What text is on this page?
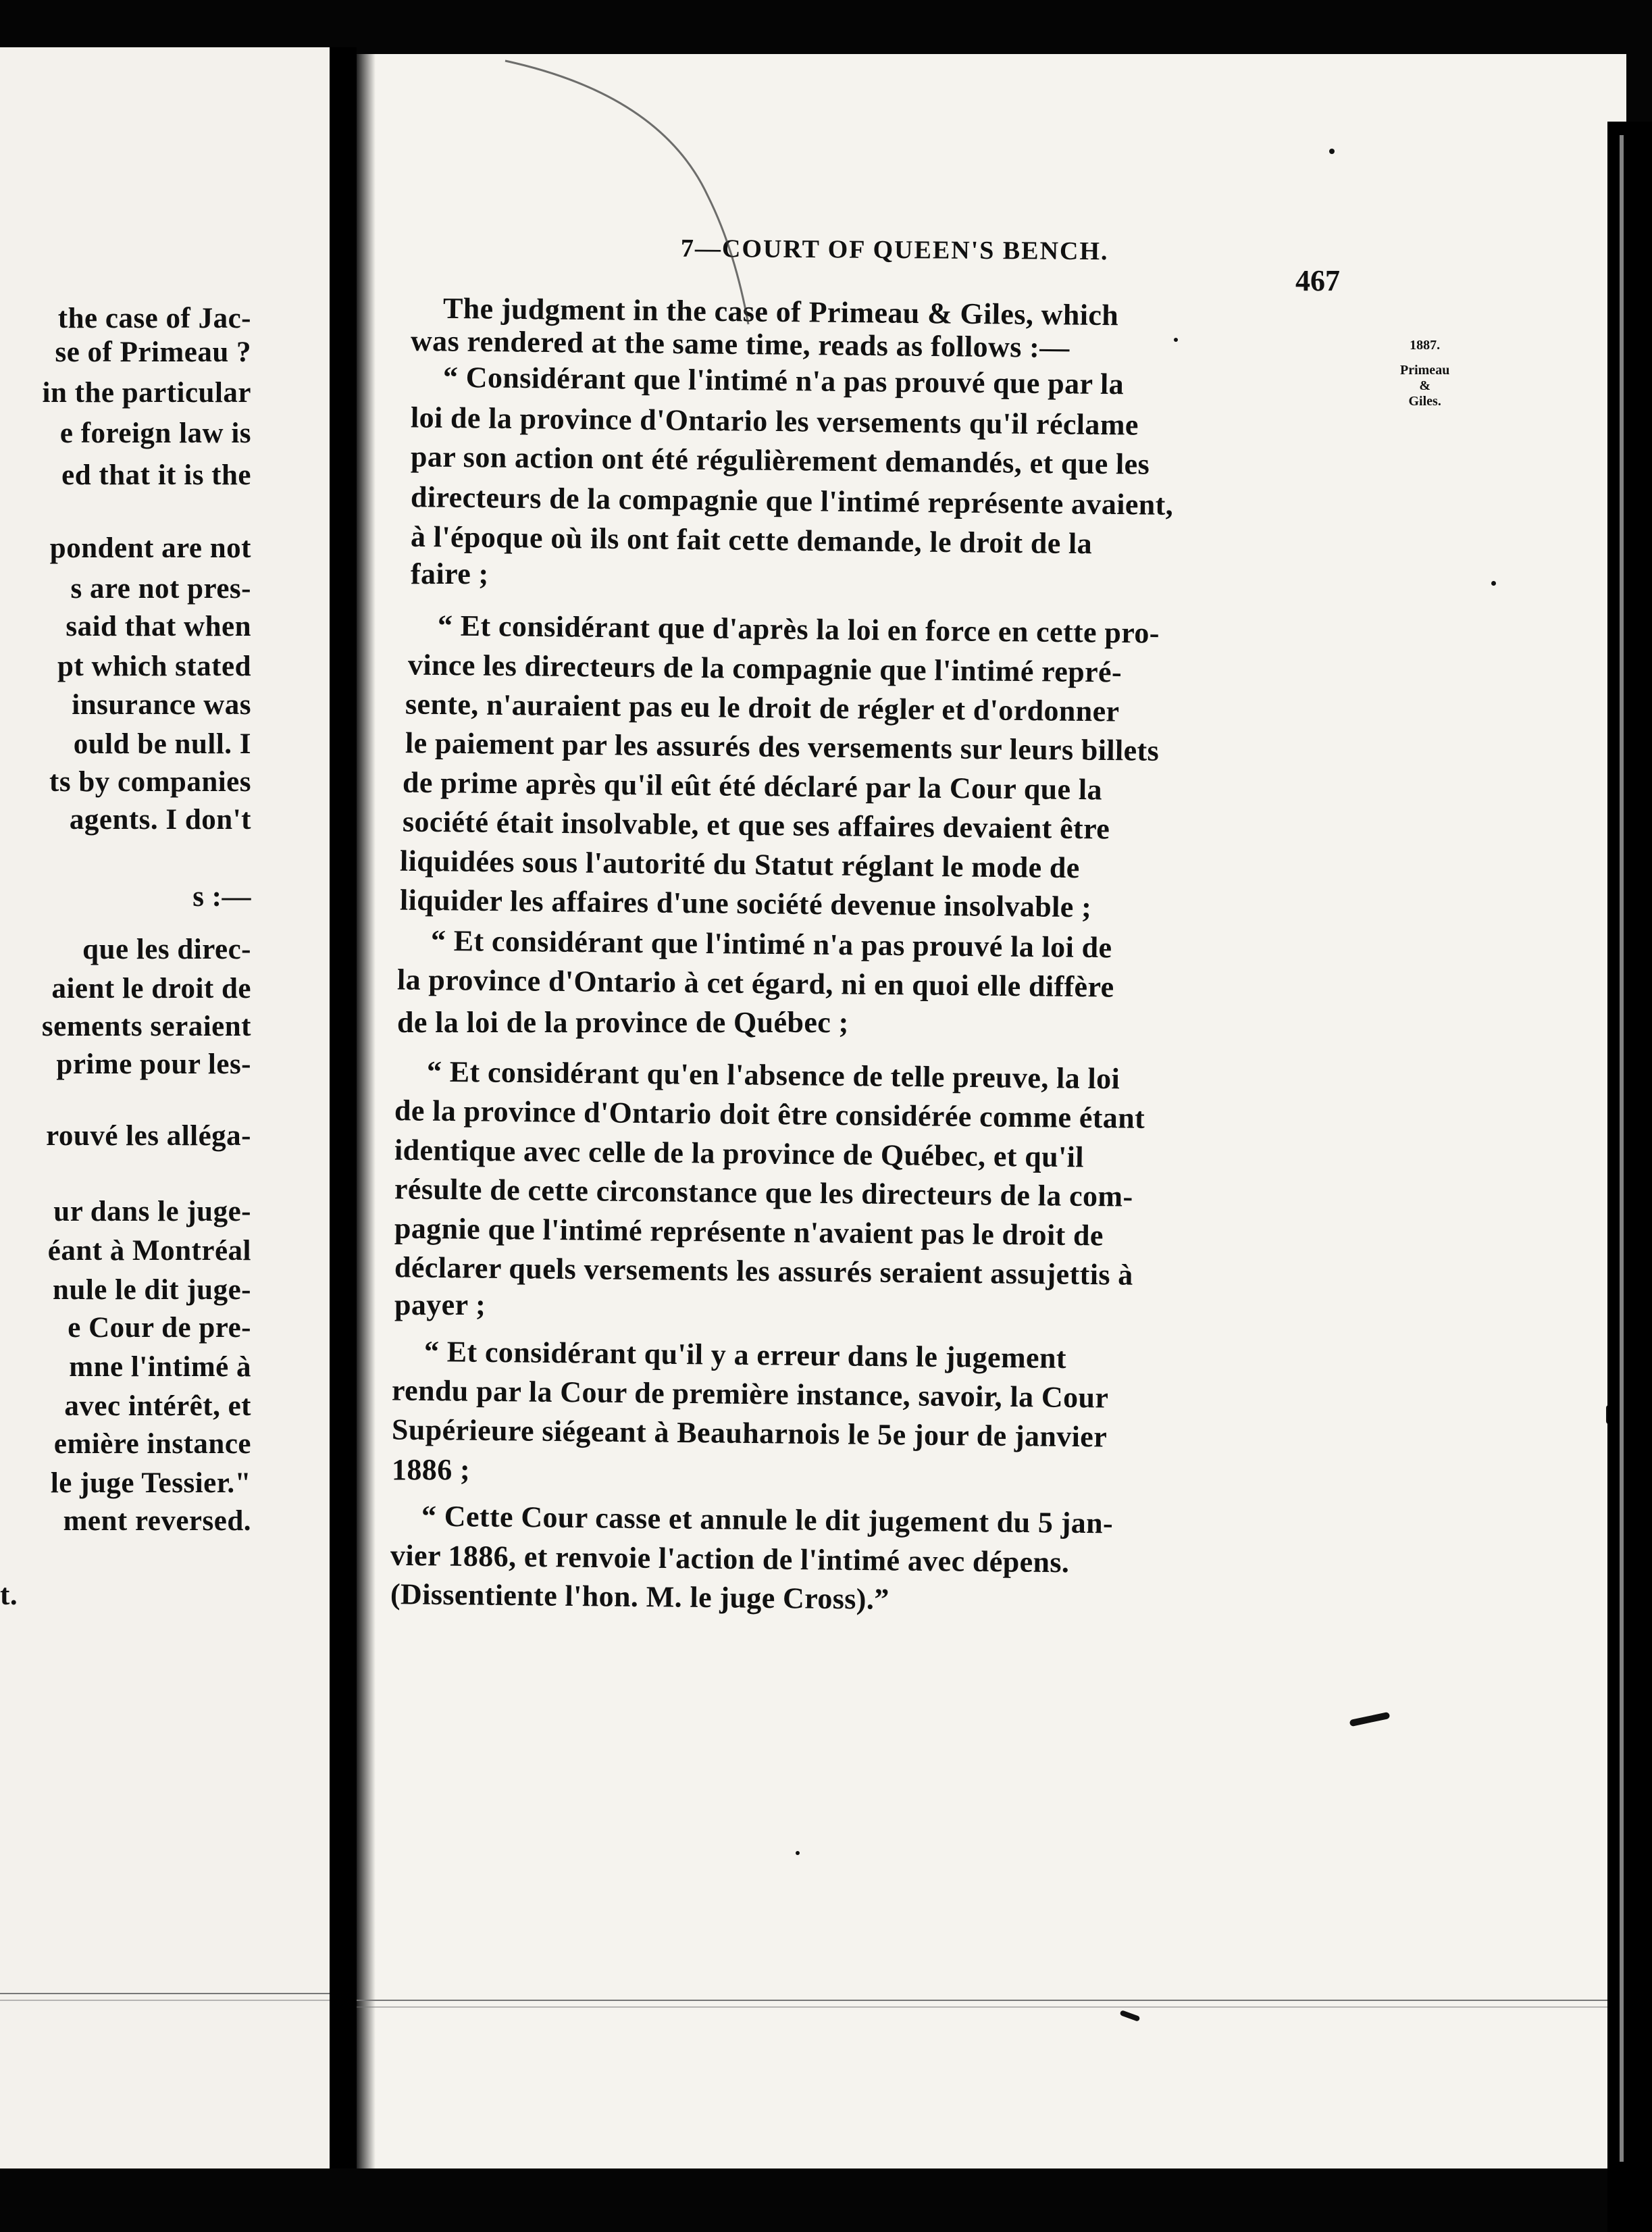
the case of Jac-
se of Primeau ?
in the particular
e foreign law is
ed that it is the
pondent are not
s are not pres-
said that when
pt which stated
insurance was
ould be null. I
ts by companies
agents. I don't
s :—
que les direc-
aient le droit de
sements seraient
prime pour les-
rouvé les alléga-
ur dans le juge-
éant à Montréal
nule le dit juge-
e Cour de pre-
mne l'intimé à
avec intérêt, et
emière instance
le juge Tessier."
ment reversed.
t.
7—COURT OF QUEEN'S BENCH.
467
1887.
Primeau
&
Giles.
The judgment in the case of Primeau & Giles, which
was rendered at the same time, reads as follows :—
“ Considérant que l'intimé n'a pas prouvé que par la
loi de la province d'Ontario les versements qu'il réclame
par son action ont été régulièrement demandés, et que les
directeurs de la compagnie que l'intimé représente avaient,
à l'époque où ils ont fait cette demande, le droit de la
faire ;
“ Et considérant que d'après la loi en force en cette pro-
vince les directeurs de la compagnie que l'intimé repré-
sente, n'auraient pas eu le droit de régler et d'ordonner
le paiement par les assurés des versements sur leurs billets
de prime après qu'il eût été déclaré par la Cour que la
société était insolvable, et que ses affaires devaient être
liquidées sous l'autorité du Statut réglant le mode de
liquider les affaires d'une société devenue insolvable ;
“ Et considérant que l'intimé n'a pas prouvé la loi de
la province d'Ontario à cet égard, ni en quoi elle diffère
de la loi de la province de Québec ;
“ Et considérant qu'en l'absence de telle preuve, la loi
de la province d'Ontario doit être considérée comme étant
identique avec celle de la province de Québec, et qu'il
résulte de cette circonstance que les directeurs de la com-
pagnie que l'intimé représente n'avaient pas le droit de
déclarer quels versements les assurés seraient assujettis à
payer ;
“ Et considérant qu'il y a erreur dans le jugement
rendu par la Cour de première instance, savoir, la Cour
Supérieure siégeant à Beauharnois le 5e jour de janvier
1886 ;
“ Cette Cour casse et annule le dit jugement du 5 jan-
vier 1886, et renvoie l'action de l'intimé avec dépens.
(Dissentiente l'hon. M. le juge Cross).”
